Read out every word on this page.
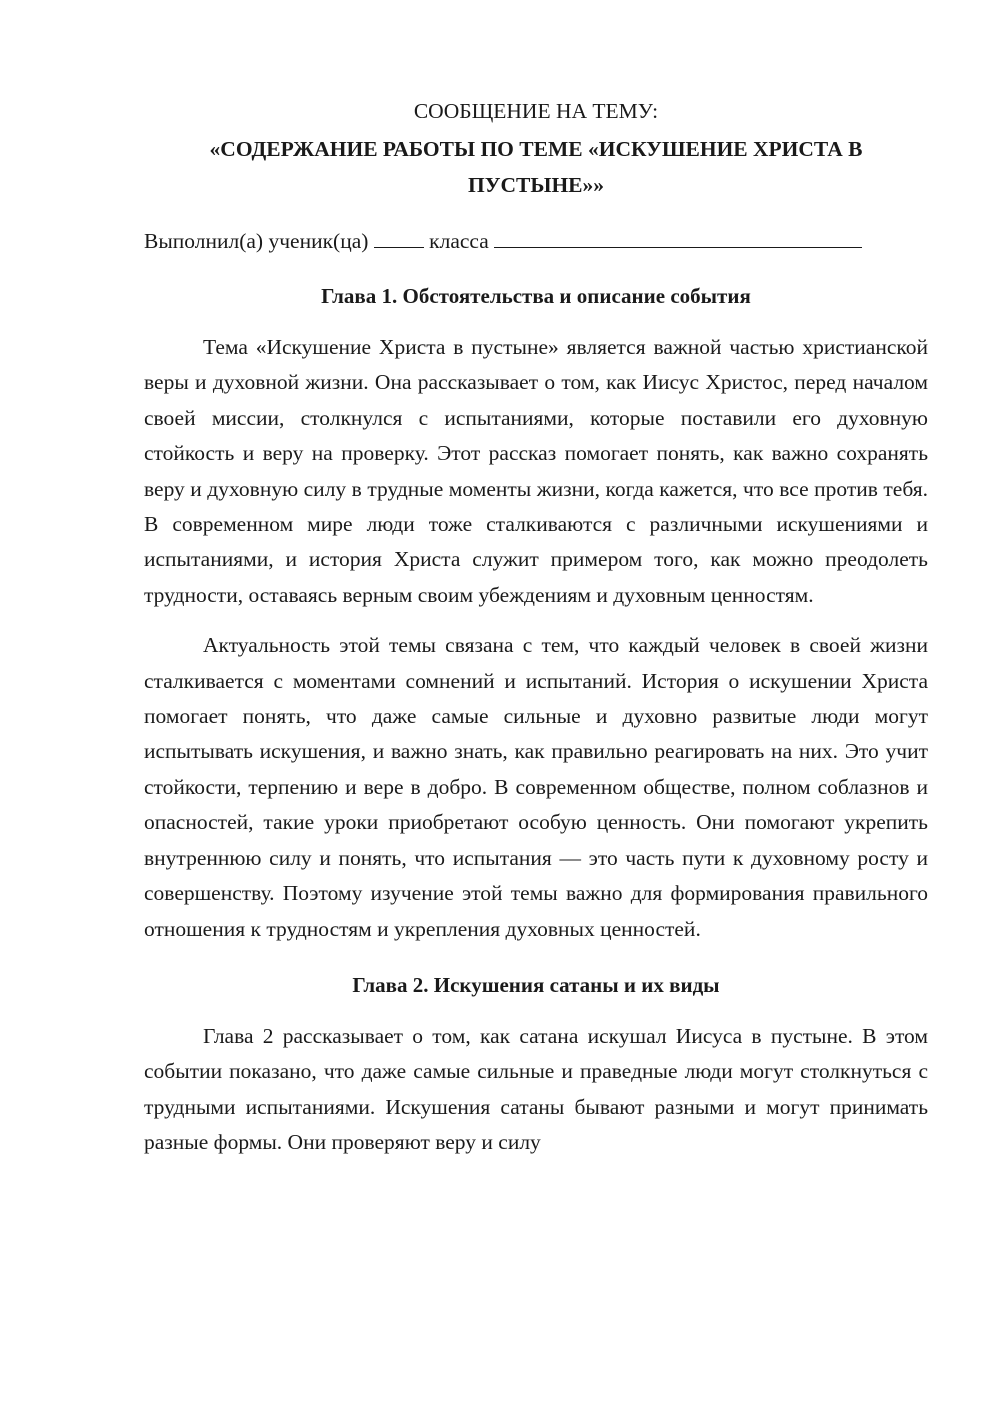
СООБЩЕНИЕ НА ТЕМУ:
«СОДЕРЖАНИЕ РАБОТЫ ПО ТЕМЕ «ИСКУШЕНИЕ ХРИСТА В ПУСТЫНЕ»»
Выполнил(а) ученик(ца)	класса
Глава 1. Обстоятельства и описание события

Тема «Искушение Христа в пустыне» является важной частью христианской веры и духовной жизни. Она рассказывает о том, как Иисус Христос, перед началом своей миссии, столкнулся с испытаниями, которые поставили его духовную стойкость и веру на проверку. Этот рассказ помогает понять, как важно сохранять веру и духовную силу в трудные моменты жизни, когда кажется, что все против тебя. В современном мире люди тоже сталкиваются с различными искушениями и испытаниями, и история Христа служит примером того, как можно преодолеть трудности, оставаясь верным своим убеждениям и духовным ценностям.

Актуальность этой темы связана с тем, что каждый человек в своей жизни сталкивается с моментами сомнений и испытаний. История о искушении Христа помогает понять, что даже самые сильные и духовно развитые люди могут испытывать искушения, и важно знать, как правильно реагировать на них. Это учит стойкости, терпению и вере в добро. В современном обществе, полном соблазнов и опасностей, такие уроки приобретают особую ценность. Они помогают укрепить внутреннюю силу и понять, что испытания — это часть пути к духовному росту и совершенству. Поэтому изучение этой темы важно для формирования правильного отношения к трудностям и укрепления духовных ценностей.

Глава 2. Искушения сатаны и их виды

Глава 2 рассказывает о том, как сатана искушал Иисуса в пустыне. В этом событии показано, что даже самые сильные и праведные люди могут столкнуться с трудными испытаниями. Искушения сатаны бывают разными и могут принимать разные формы. Они проверяют веру и силу
